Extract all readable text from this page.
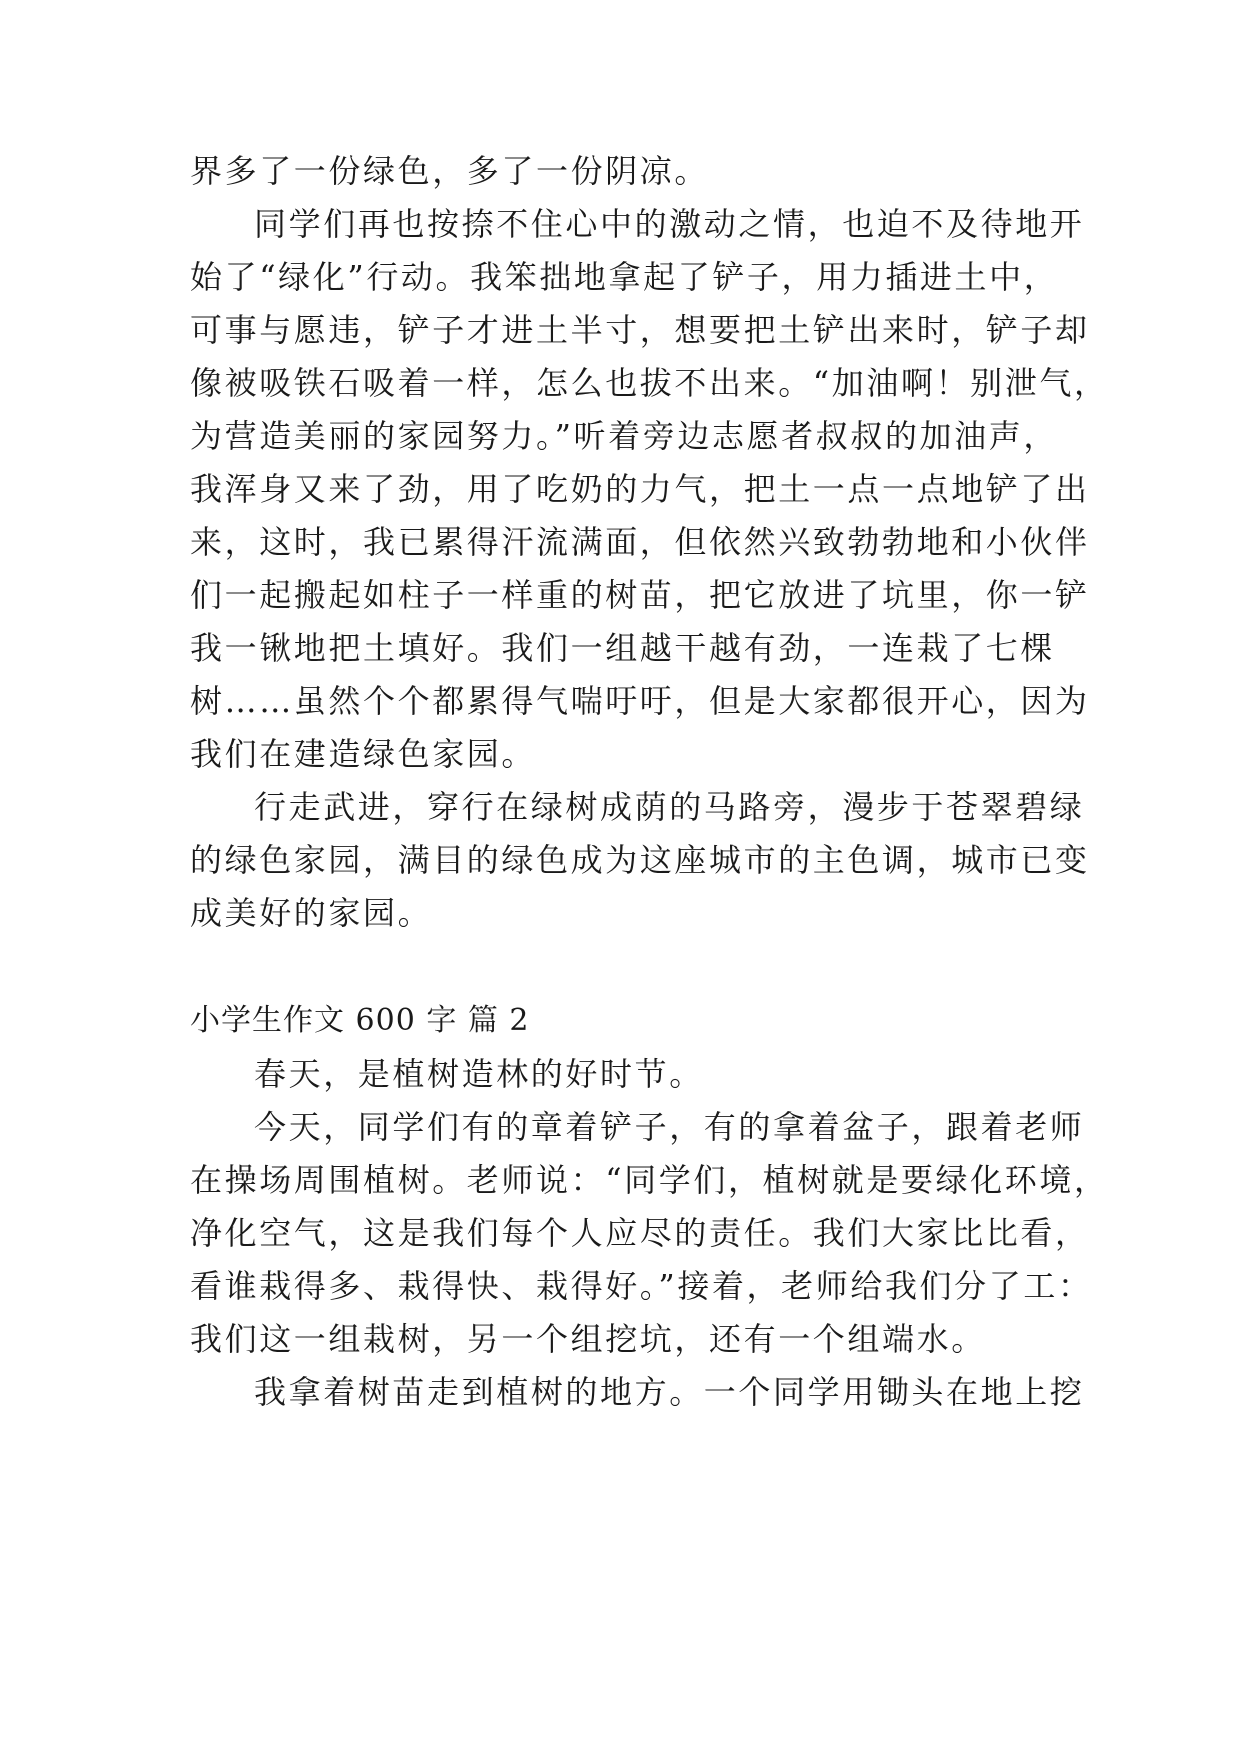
界多了一份绿色，多了一份阴凉。
同学们再也按捺不住心中的激动之情，也迫不及待地开
始了“绿化”行动。我笨拙地拿起了铲子，用力插进土中，
可事与愿违，铲子才进土半寸，想要把土铲出来时，铲子却
像被吸铁石吸着一样，怎么也拔不出来。“加油啊！别泄气，
为营造美丽的家园努力。”听着旁边志愿者叔叔的加油声，
我浑身又来了劲，用了吃奶的力气，把土一点一点地铲了出
来，这时，我已累得汗流满面，但依然兴致勃勃地和小伙伴
们一起搬起如柱子一样重的树苗，把它放进了坑里，你一铲
我一锹地把土填好。我们一组越干越有劲，一连栽了七棵
树……虽然个个都累得气喘吁吁，但是大家都很开心，因为
我们在建造绿色家园。
行走武进，穿行在绿树成荫的马路旁，漫步于苍翠碧绿
的绿色家园，满目的绿色成为这座城市的主色调，城市已变
成美好的家园。
小学生作文 600 字 篇 2
春天，是植树造林的好时节。
今天，同学们有的章着铲子，有的拿着盆子，跟着老师
在操场周围植树。老师说：“同学们，植树就是要绿化环境，
净化空气，这是我们每个人应尽的责任。我们大家比比看，
看谁栽得多、栽得快、栽得好。”接着，老师给我们分了工：
我们这一组栽树，另一个组挖坑，还有一个组端水。
我拿着树苗走到植树的地方。一个同学用锄头在地上挖
